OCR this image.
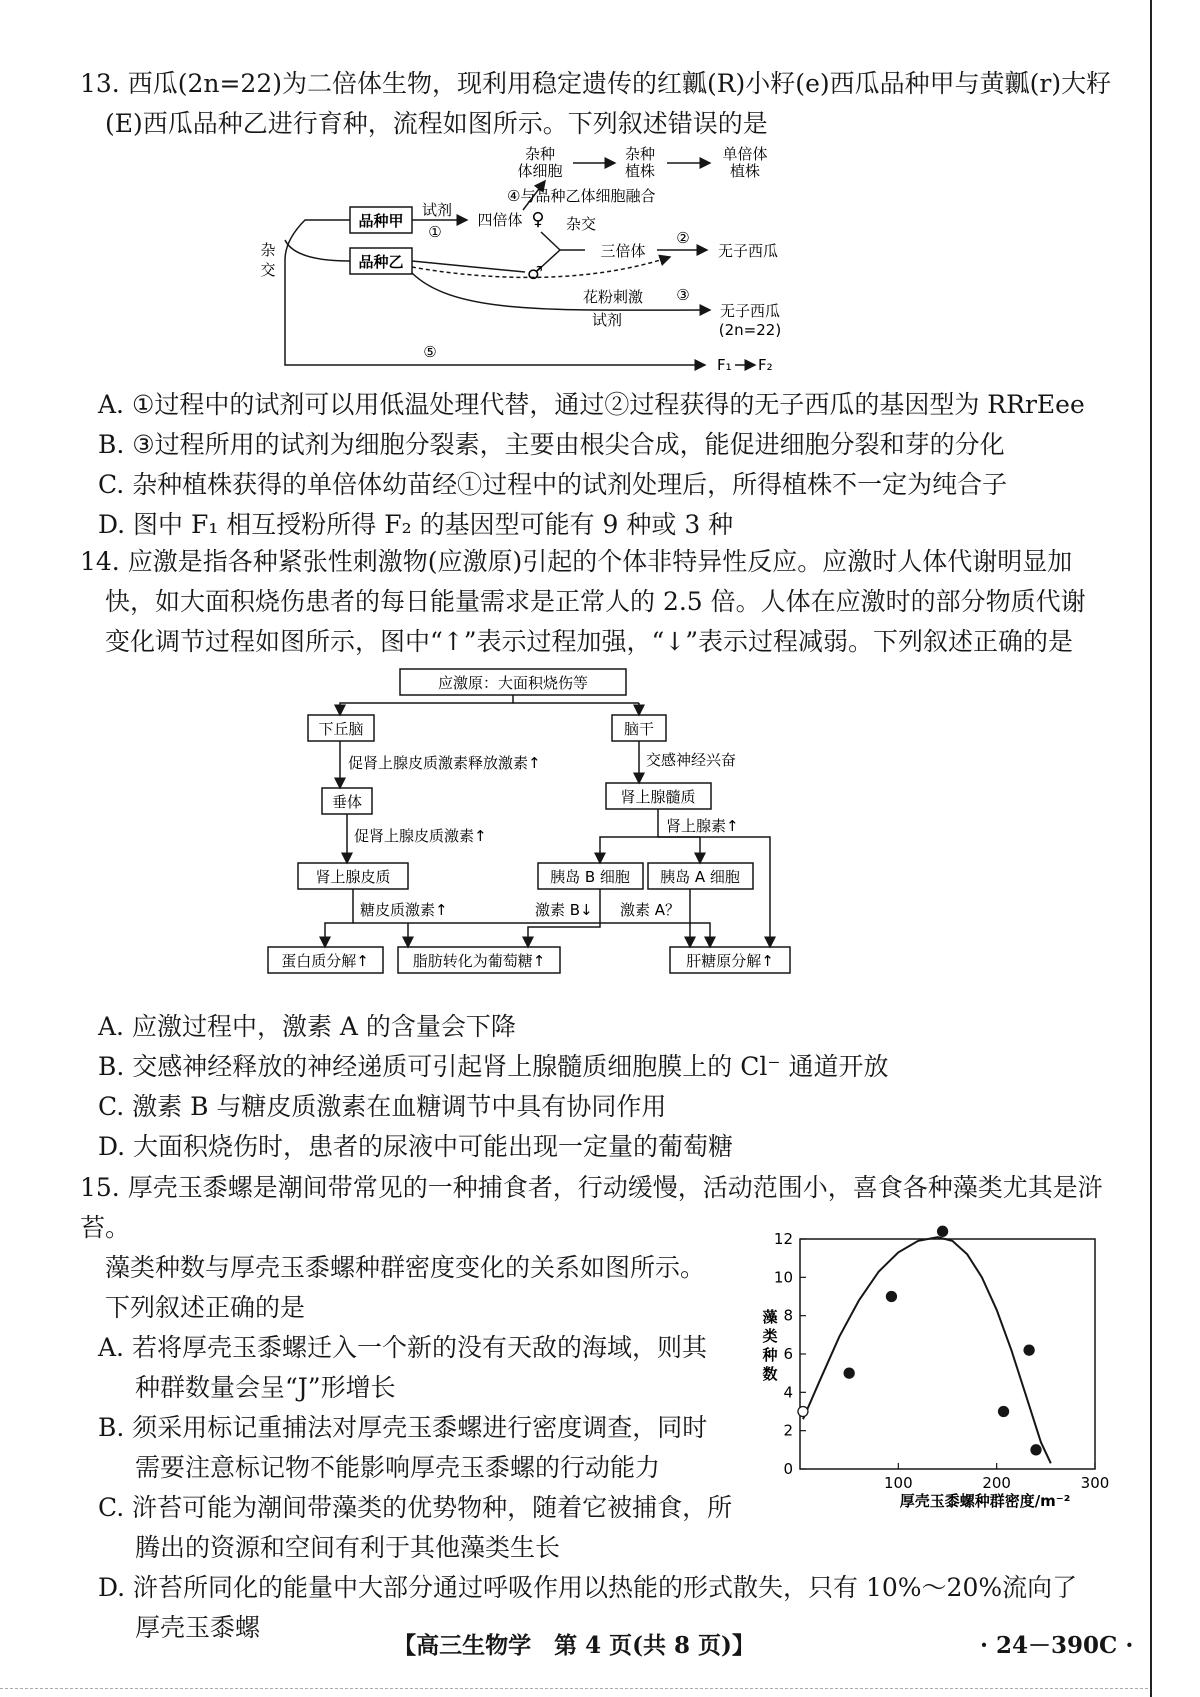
13. 西瓜(2n=22)为二倍体生物，现利用稳定遗传的红瓤(R)小籽(e)西瓜品种甲与黄瓤(r)大籽

(E)西瓜品种乙进行育种，流程如图所示。下列叙述错误的是

杂种
体细胞
杂种
植株
单倍体
植株
④与品种乙体细胞融合
品种甲
试剂
①
四倍体 ♀ 杂交
三倍体
②
无子西瓜
品种乙
♂
花粉刺激
试剂
③
无子西瓜
(2n=22)
杂
交
⑤
F₁ F₂

A. ①过程中的试剂可以用低温处理代替，通过②过程获得的无子西瓜的基因型为 RRrEee

B. ③过程所用的试剂为细胞分裂素，主要由根尖合成，能促进细胞分裂和芽的分化

C. 杂种植株获得的单倍体幼苗经①过程中的试剂处理后，所得植株不一定为纯合子

D. 图中 F₁ 相互授粉所得 F₂ 的基因型可能有 9 种或 3 种

14. 应激是指各种紧张性刺激物(应激原)引起的个体非特异性反应。应激时人体代谢明显加

快，如大面积烧伤患者的每日能量需求是正常人的 2.5 倍。人体在应激时的部分物质代谢

变化调节过程如图所示，图中“↑”表示过程加强，“↓”表示过程减弱。下列叙述正确的是

应激原：大面积烧伤等
下丘脑	脑干
促肾上腺皮质激素释放激素↑	交感神经兴奋
垂体	肾上腺髓质
促肾上腺皮质激素↑
肾上腺素↑
肾上腺皮质	胰岛 B 细胞 胰岛 A 细胞
糖皮质激素↑	激素 B↓ 激素 A？
蛋白质分解↑	脂肪转化为葡萄糖↑	肝糖原分解↑

A. 应激过程中，激素 A 的含量会下降

B. 交感神经释放的神经递质可引起肾上腺髓质细胞膜上的 Cl⁻ 通道开放

C. 激素 B 与糖皮质激素在血糖调节中具有协同作用

D. 大面积烧伤时，患者的尿液中可能出现一定量的葡萄糖

15. 厚壳玉黍螺是潮间带常见的一种捕食者，行动缓慢，活动范围小，喜食各种藻类尤其是浒苔。

藻类种数与厚壳玉黍螺种群密度变化的关系如图所示。

下列叙述正确的是

A. 若将厚壳玉黍螺迁入一个新的没有天敌的海域，则其

种群数量会呈“J”形增长

B. 须采用标记重捕法对厚壳玉黍螺进行密度调查，同时

需要注意标记物不能影响厚壳玉黍螺的行动能力

C. 浒苔可能为潮间带藻类的优势物种，随着它被捕食，所

腾出的资源和空间有利于其他藻类生长

D. 浒苔所同化的能量中大部分通过呼吸作用以热能的形式散失，只有 10%～20%流向了

厚壳玉黍螺

0
2
4
6
8
10
12
100	200	300
藻
类
种
数
厚壳玉黍螺种群密度/m⁻²
【高三生物学　第 4 页(共 8 页)】	· 24－390C ·
